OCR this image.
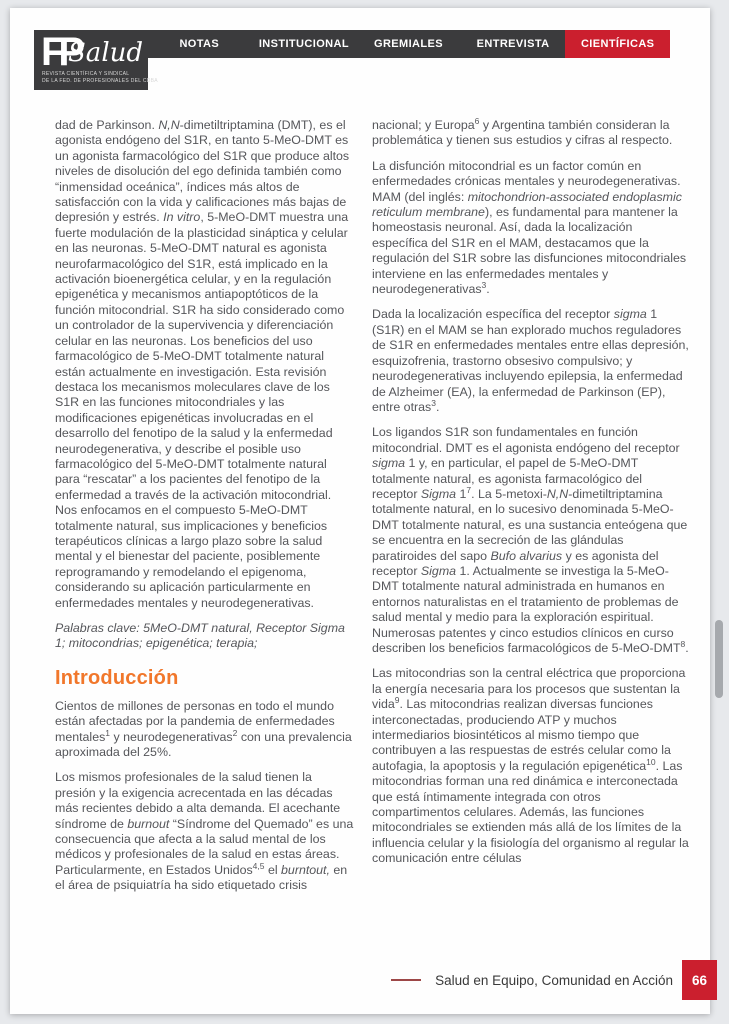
FP
Salud
REVISTA CIENTÍFICA Y SINDICAL
DE LA FED. DE PROFESIONALES DEL CDBA
NOTAS	INSTITUCIONAL	GREMIALES	ENTREVISTA	CIENTÍFICAS

dad de Parkinson. N,N-dimetiltriptamina (DMT), es el agonista endógeno del S1R, en tanto 5-MeO-DMT es un agonista farmacológico del S1R que produce altos niveles de disolución del ego definida también como “inmensidad oceánica”, índices más altos de satisfacción con la vida y calificaciones más bajas de depresión y estrés. In vitro, 5-MeO-DMT muestra una fuerte modulación de la plasticidad sináptica y celular en las neuronas. 5-MeO-DMT natural es agonista neurofarmacológico del S1R, está implicado en la activación bioenergética celular, y en la regulación epigenética y mecanismos antiapoptóticos de la función mitocondrial. S1R ha sido considerado como un controlador de la supervivencia y diferenciación celular en las neuronas. Los beneficios del uso farmacológico de 5-MeO-DMT totalmente natural están actualmente en investigación. Esta revisión destaca los mecanismos moleculares clave de los S1R en las funciones mitocondriales y las modificaciones epigenéticas involucradas en el desarrollo del fenotipo de la salud y la enfermedad neurodegenerativa, y describe el posible uso farmacológico del 5-MeO-DMT totalmente natural para “rescatar” a los pacientes del fenotipo de la enfermedad a través de la activación mitocondrial. Nos enfocamos en el compuesto 5-MeO-DMT totalmente natural, sus implicaciones y beneficios terapéuticos clínicas a largo plazo sobre la salud mental y el bienestar del paciente, posiblemente reprogramando y remodelando el epigenoma, considerando su aplicación particularmente en enfermedades mentales y neurodegenerativas.

Palabras clave: 5MeO-DMT natural, Receptor Sigma 1; mitocondrias; epigenética; terapia;

Introducción

Cientos de millones de personas en todo el mundo están afectadas por la pandemia de enfermedades mentales$^1$ y neurodegenerativas$^2$ con una prevalencia aproximada del 25%.

Los mismos profesionales de la salud tienen la presión y la exigencia acrecentada en las décadas más recientes debido a alta demanda. El acechante síndrome de burnout “Síndrome del Quemado” es una consecuencia que afecta a la salud mental de los médicos y profesionales de la salud en estas áreas. Particularmente, en Estados Unidos$^{4,5}$ el burntout, en el área de psiquiatría ha sido etiquetado crisis

nacional; y Europa$^6$ y Argentina también consideran la problemática y tienen sus estudios y cifras al respecto.

La disfunción mitocondrial es un factor común en enfermedades crónicas mentales y neurodegenerativas. MAM (del inglés: mitochondrion-associated endoplasmic reticulum membrane), es fundamental para mantener la homeostasis neuronal. Así, dada la localización específica del S1R en el MAM, destacamos que la regulación del S1R sobre las disfunciones mitocondriales interviene en las enfermedades mentales y neurodegenerativas$^3$.

Dada la localización específica del receptor sigma 1 (S1R) en el MAM se han explorado muchos reguladores de S1R en enfermedades mentales entre ellas depresión, esquizofrenia, trastorno obsesivo compulsivo; y neurodegenerativas incluyendo epilepsia, la enfermedad de Alzheimer (EA), la enfermedad de Parkinson (EP), entre otras$^3$.

Los ligandos S1R son fundamentales en función mitocondrial. DMT es el agonista endógeno del receptor sigma 1 y, en particular, el papel de 5-MeO-DMT totalmente natural, es agonista farmacológico del receptor Sigma $1^7$. La 5-metoxi-N,N-dimetiltriptamina totalmente natural, en lo sucesivo denominada 5-MeO-DMT totalmente natural, es una sustancia enteógena que se encuentra en la secreción de las glándulas paratiroides del sapo Bufo alvarius y es agonista del receptor Sigma 1. Actualmente se investiga la 5-MeO-DMT totalmente natural administrada en humanos en entornos naturalistas en el tratamiento de problemas de salud mental y medio para la exploración espiritual. Numerosas patentes y cinco estudios clínicos en curso describen los beneficios farmacológicos de 5-MeO-DMT$^8$.

Las mitocondrias son la central eléctrica que proporciona la energía necesaria para los procesos que sustentan la vida$^9$. Las mitocondrias realizan diversas funciones interconectadas, produciendo ATP y muchos intermediarios biosintéticos al mismo tiempo que contribuyen a las respuestas de estrés celular como la autofagia, la apoptosis y la regulación epigenética$^{10}$. Las mitocondrias forman una red dinámica e interconectada que está íntimamente integrada con otros compartimentos celulares. Además, las funciones mitocondriales se extienden más allá de los límites de la influencia celular y la fisiología del organismo al regular la comunicación entre células

Salud en Equipo, Comunidad en Acción	66
